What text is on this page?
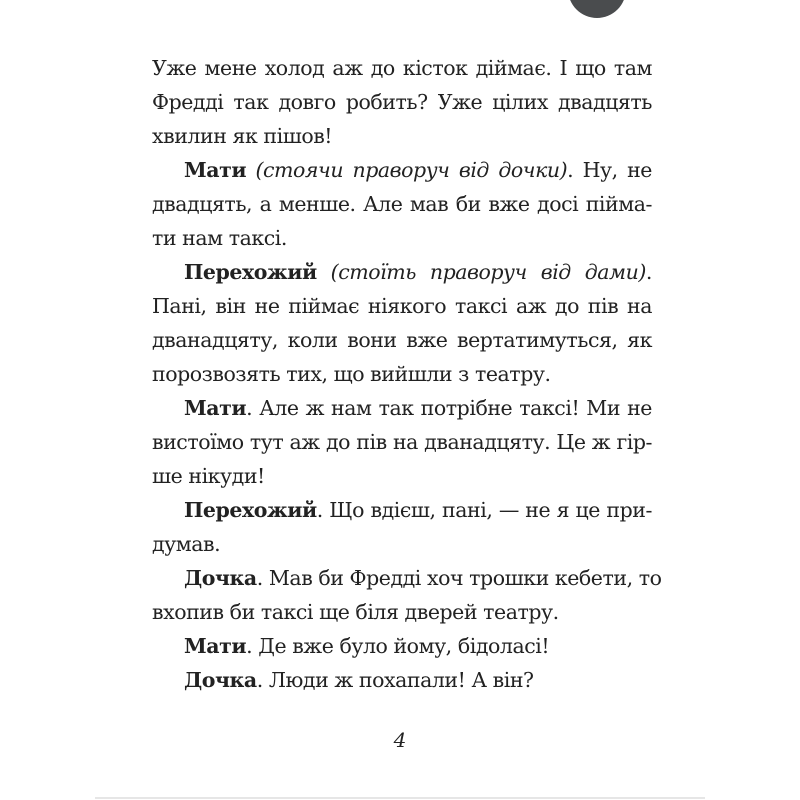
Уже мене холод аж до кісток діймає. І що там
Фредді так довго робить? Уже цілих двадцять
хвилин як пішов!
Мати (стоячи праворуч від дочки). Ну, не
двадцять, а менше. Але мав би вже досі пійма-
ти нам таксі.
Перехожий (стоїть праворуч від дами).
Пані, він не піймає ніякого таксі аж до пів на
дванадцяту, коли вони вже вертатимуться, як
порозвозять тих, що вийшли з театру.
Мати. Але ж нам так потрібне таксі! Ми не
вистоїмо тут аж до пів на дванадцяту. Це ж гір-
ше нікуди!
Перехожий. Що вдієш, пані, — не я це при-
думав.
Дочка. Мав би Фредді хоч трошки кебети, то
вхопив би таксі ще біля дверей театру.
Мати. Де вже було йому, бідоласі!
Дочка. Люди ж похапали! А він?
4
